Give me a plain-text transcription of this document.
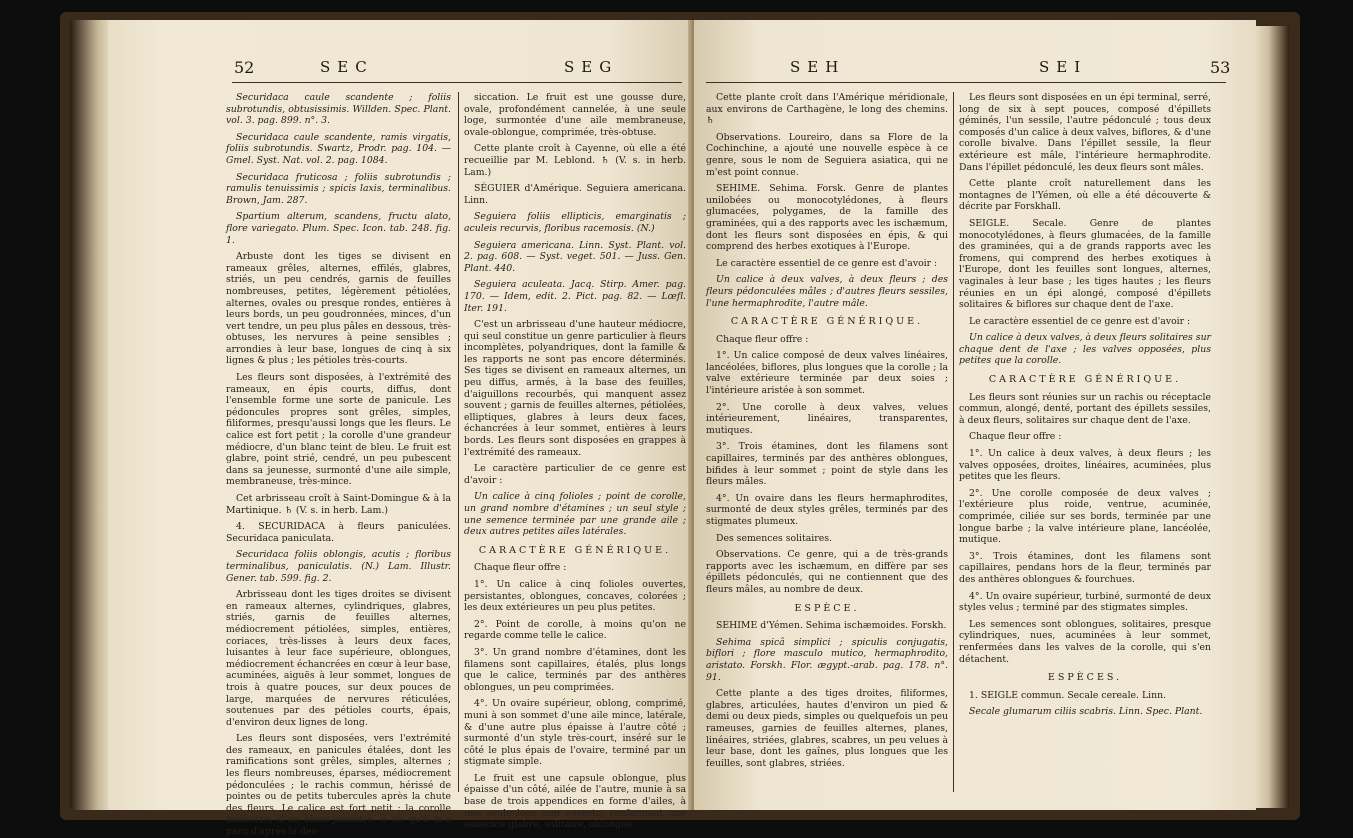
52	SEC	SEG

Securidaca caule scandente ; foliis subrotundis, obtusissimis. Willden. Spec. Plant. vol. 3. pag. 899. n°. 3.

Securidaca caule scandente, ramis virgatis, foliis subrotundis. Swartz, Prodr. pag. 104. — Gmel. Syst. Nat. vol. 2. pag. 1084.

Securidaca fruticosa ; foliis subrotundis ; ramulis tenuissimis ; spicis laxis, terminalibus. Brown, Jam. 287.

Spartium alterum, scandens, fructu alato, flore variegato. Plum. Spec. Icon. tab. 248. fig. 1.

Arbuste dont les tiges se divisent en rameaux grêles, alternes, effilés, glabres, striés, un peu cendrés, garnis de feuilles nombreuses, petites, légèrement pétiolées, alternes, ovales ou presque rondes, entières à leurs bords, un peu goudronnées, minces, d'un vert tendre, un peu plus pâles en dessous, très-obtuses, les nervures à peine sensibles ; arrondies à leur base, longues de cinq à six lignes & plus ; les pétioles très-courts.

Les fleurs sont disposées, à l'extrémité des rameaux, en épis courts, diffus, dont l'ensemble forme une sorte de panicule. Les pédoncules propres sont grêles, simples, filiformes, presqu'aussi longs que les fleurs. Le calice est fort petit ; la corolle d'une grandeur médiocre, d'un blanc teint de bleu. Le fruit est glabre, point strié, cendré, un peu pubescent dans sa jeunesse, surmonté d'une aile simple, membraneuse, très-mince.

Cet arbrisseau croît à Saint-Domingue & à la Martinique. ♄ (V. s. in herb. Lam.)

4. SECURIDACA à fleurs paniculées. Securidaca paniculata.

Securidaca foliis oblongis, acutis ; floribus terminalibus, paniculatis. (N.) Lam. Illustr. Gener. tab. 599. fig. 2.

Arbrisseau dont les tiges droites se divisent en rameaux alternes, cylindriques, glabres, striés, garnis de feuilles alternes, médiocrement pétiolées, simples, entières, coriaces, très-lisses à leurs deux faces, luisantes à leur face supérieure, oblongues, médiocrement échancrées en cœur à leur base, acuminées, aiguës à leur sommet, longues de trois à quatre pouces, sur deux pouces de large, marquées de nervures réticulées, soutenues par des pétioles courts, épais, d'environ deux lignes de long.

Les fleurs sont disposées, vers l'extrémité des rameaux, en panicules étalées, dont les ramifications sont grêles, simples, alternes ; les fleurs nombreuses, éparses, médiocrement pédonculées ; le rachis commun, hérissé de pointes ou de petits tubercules après la chute des fleurs. Le calice est fort petit ; la corolle médiocre, d'un blanc-jaunâtre, à ce qu'il m'a paru d'après la des-

siccation. Le fruit est une gousse dure, ovale, profondément cannelée, à une seule loge, surmontée d'une aile membraneuse, ovale-oblongue, comprimée, très-obtuse.

Cette plante croît à Cayenne, où elle a été recueillie par M. Leblond. ♄ (V. s. in herb. Lam.)

SÉGUIER d'Amérique. Seguiera americana. Linn.

Seguiera foliis ellipticis, emarginatis ; aculeis recurvis, floribus racemosis. (N.)

Seguiera americana. Linn. Syst. Plant. vol. 2. pag. 608. — Syst. veget. 501. — Juss. Gen. Plant. 440.

Seguiera aculeata. Jacq. Stirp. Amer. pag. 170. — Idem, edit. 2. Pict. pag. 82. — Lœfl. Iter. 191.

C'est un arbrisseau d'une hauteur médiocre, qui seul constitue un genre particulier à fleurs incomplètes, polyandriques, dont la famille & les rapports ne sont pas encore déterminés. Ses tiges se divisent en rameaux alternes, un peu diffus, armés, à la base des feuilles, d'aiguillons recourbés, qui manquent assez souvent ; garnis de feuilles alternes, pétiolées, elliptiques, glabres à leurs deux faces, échancrées à leur sommet, entières à leurs bords. Les fleurs sont disposées en grappes à l'extrémité des rameaux.

Le caractère particulier de ce genre est d'avoir :

Un calice à cinq folioles ; point de corolle, un grand nombre d'étamines ; un seul style ; une semence terminée par une grande aile ; deux autres petites ailes latérales.

CARACTÈRE GÉNÉRIQUE.

Chaque fleur offre :

1°. Un calice à cinq folioles ouvertes, persistantes, oblongues, concaves, colorées ; les deux extérieures un peu plus petites.

2°. Point de corolle, à moins qu'on ne regarde comme telle le calice.

3°. Un grand nombre d'étamines, dont les filamens sont capillaires, étalés, plus longs que le calice, terminés par des anthères oblongues, un peu comprimées.

4°. Un ovaire supérieur, oblong, comprimé, muni à son sommet d'une aile mince, latérale, & d'une autre plus épaisse à l'autre côté ; surmonté d'un style très-court, inséré sur le côté le plus épais de l'ovaire, terminé par un stigmate simple.

Le fruit est une capsule oblongue, plus épaisse d'un côté, ailée de l'autre, munie à sa base de trois appendices en forme d'ailes, à une seule loge non ouverte, renfermant une semence glabre, solitaire, oblongue.

SEH	SEI	53

Cette plante croît dans l'Amérique méridionale, aux environs de Carthagène, le long des chemins. ♄

Observations. Loureiro, dans sa Flore de la Cochinchine, a ajouté une nouvelle espèce à ce genre, sous le nom de Seguiera asiatica, qui ne m'est point connue.

SEHIME. Sehima. Forsk. Genre de plantes unilobées ou monocotylédones, à fleurs glumacées, polygames, de la famille des graminées, qui a des rapports avec les ischæmum, dont les fleurs sont disposées en épis, & qui comprend des herbes exotiques à l'Europe.

Le caractère essentiel de ce genre est d'avoir :

Un calice à deux valves, à deux fleurs ; des fleurs pédonculées mâles ; d'autres fleurs sessiles, l'une hermaphrodite, l'autre mâle.

CARACTÈRE GÉNÉRIQUE.

Chaque fleur offre :

1°. Un calice composé de deux valves linéaires, lancéolées, biflores, plus longues que la corolle ; la valve extérieure terminée par deux soies ; l'intérieure aristée à son sommet.

2°. Une corolle à deux valves, velues intérieurement, linéaires, transparentes, mutiques.

3°. Trois étamines, dont les filamens sont capillaires, terminés par des anthères oblongues, bifides à leur sommet ; point de style dans les fleurs mâles.

4°. Un ovaire dans les fleurs hermaphrodites, surmonté de deux styles grêles, terminés par des stigmates plumeux.

Des semences solitaires.

Observations. Ce genre, qui a de très-grands rapports avec les ischæmum, en diffère par ses épillets pédonculés, qui ne contiennent que des fleurs mâles, au nombre de deux.

ESPÈCE.

SEHIME d'Yémen. Sehima ischæmoides. Forskh.

Sehima spicâ simplici ; spiculis conjugatis, biflori ; flore masculo mutico, hermaphrodito, aristato. Forskh. Flor. ægypt.-arab. pag. 178. n°. 91.

Cette plante a des tiges droites, filiformes, glabres, articulées, hautes d'environ un pied & demi ou deux pieds, simples ou quelquefois un peu rameuses, garnies de feuilles alternes, planes, linéaires, striées, glabres, scabres, un peu velues à leur base, dont les gaînes, plus longues que les feuilles, sont glabres, striées.

Les fleurs sont disposées en un épi terminal, serré, long de six à sept pouces, composé d'épillets géminés, l'un sessile, l'autre pédonculé ; tous deux composés d'un calice à deux valves, biflores, & d'une corolle bivalve. Dans l'épillet sessile, la fleur extérieure est mâle, l'intérieure hermaphrodite. Dans l'épillet pédonculé, les deux fleurs sont mâles.

Cette plante croît naturellement dans les montagnes de l'Yémen, où elle a été découverte & décrite par Forskhall.

SEIGLE. Secale. Genre de plantes monocotylédones, à fleurs glumacées, de la famille des graminées, qui a de grands rapports avec les fromens, qui comprend des herbes exotiques à l'Europe, dont les feuilles sont longues, alternes, vaginales à leur base ; les tiges hautes ; les fleurs réunies en un épi alongé, composé d'épillets solitaires & biflores sur chaque dent de l'axe.

Le caractère essentiel de ce genre est d'avoir :

Un calice à deux valves, à deux fleurs solitaires sur chaque dent de l'axe ; les valves opposées, plus petites que la corolle.

CARACTÈRE GÉNÉRIQUE.

Les fleurs sont réunies sur un rachis ou réceptacle commun, alongé, denté, portant des épillets sessiles, à deux fleurs, solitaires sur chaque dent de l'axe.

Chaque fleur offre :

1°. Un calice à deux valves, à deux fleurs ; les valves opposées, droites, linéaires, acuminées, plus petites que les fleurs.

2°. Une corolle composée de deux valves ; l'extérieure plus roide, ventrue, acuminée, comprimée, ciliée sur ses bords, terminée par une longue barbe ; la valve intérieure plane, lancéolée, mutique.

3°. Trois étamines, dont les filamens sont capillaires, pendans hors de la fleur, terminés par des anthères oblongues & fourchues.

4°. Un ovaire supérieur, turbiné, surmonté de deux styles velus ; terminé par des stigmates simples.

Les semences sont oblongues, solitaires, presque cylindriques, nues, acuminées à leur sommet, renfermées dans les valves de la corolle, qui s'en détachent.

ESPÈCES.

1. SEIGLE commun. Secale cereale. Linn.

Secale glumarum ciliis scabris. Linn. Spec. Plant.
